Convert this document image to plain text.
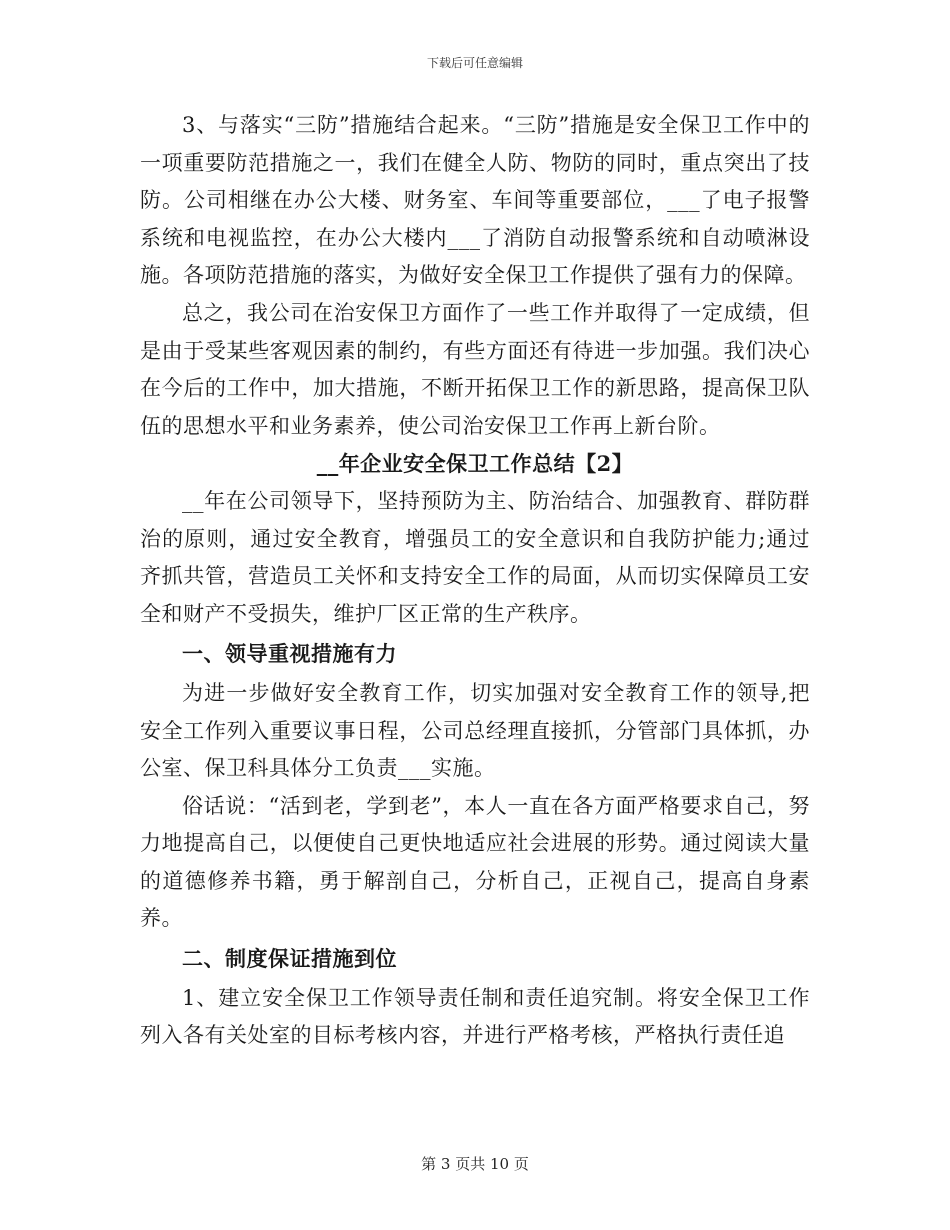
下载后可任意编辑

3、与落实“三防”措施结合起来。“三防”措施是安全保卫工作中的一项重要防范措施之一，我们在健全人防、物防的同时，重点突出了技防。公司相继在办公大楼、财务室、车间等重要部位，___了电子报警系统和电视监控，在办公大楼内___了消防自动报警系统和自动喷淋设施。各项防范措施的落实，为做好安全保卫工作提供了强有力的保障。

总之，我公司在治安保卫方面作了一些工作并取得了一定成绩，但是由于受某些客观因素的制约，有些方面还有待进一步加强。我们决心在今后的工作中，加大措施，不断开拓保卫工作的新思路，提高保卫队伍的思想水平和业务素养，使公司治安保卫工作再上新台阶。

__年企业安全保卫工作总结【2】

__年在公司领导下，坚持预防为主、防治结合、加强教育、群防群治的原则，通过安全教育，增强员工的安全意识和自我防护能力;通过齐抓共管，营造员工关怀和支持安全工作的局面，从而切实保障员工安全和财产不受损失，维护厂区正常的生产秩序。

一、领导重视措施有力

为进一步做好安全教育工作，切实加强对安全教育工作的领导,把安全工作列入重要议事日程，公司总经理直接抓，分管部门具体抓，办公室、保卫科具体分工负责___实施。

俗话说：“活到老，学到老”，本人一直在各方面严格要求自己，努力地提高自己，以便使自己更快地适应社会进展的形势。通过阅读大量的道德修养书籍，勇于解剖自己，分析自己，正视自己，提高自身素养。

二、制度保证措施到位

1、建立安全保卫工作领导责任制和责任追究制。将安全保卫工作列入各有关处室的目标考核内容，并进行严格考核，严格执行责任追

第 3 页共 10 页
